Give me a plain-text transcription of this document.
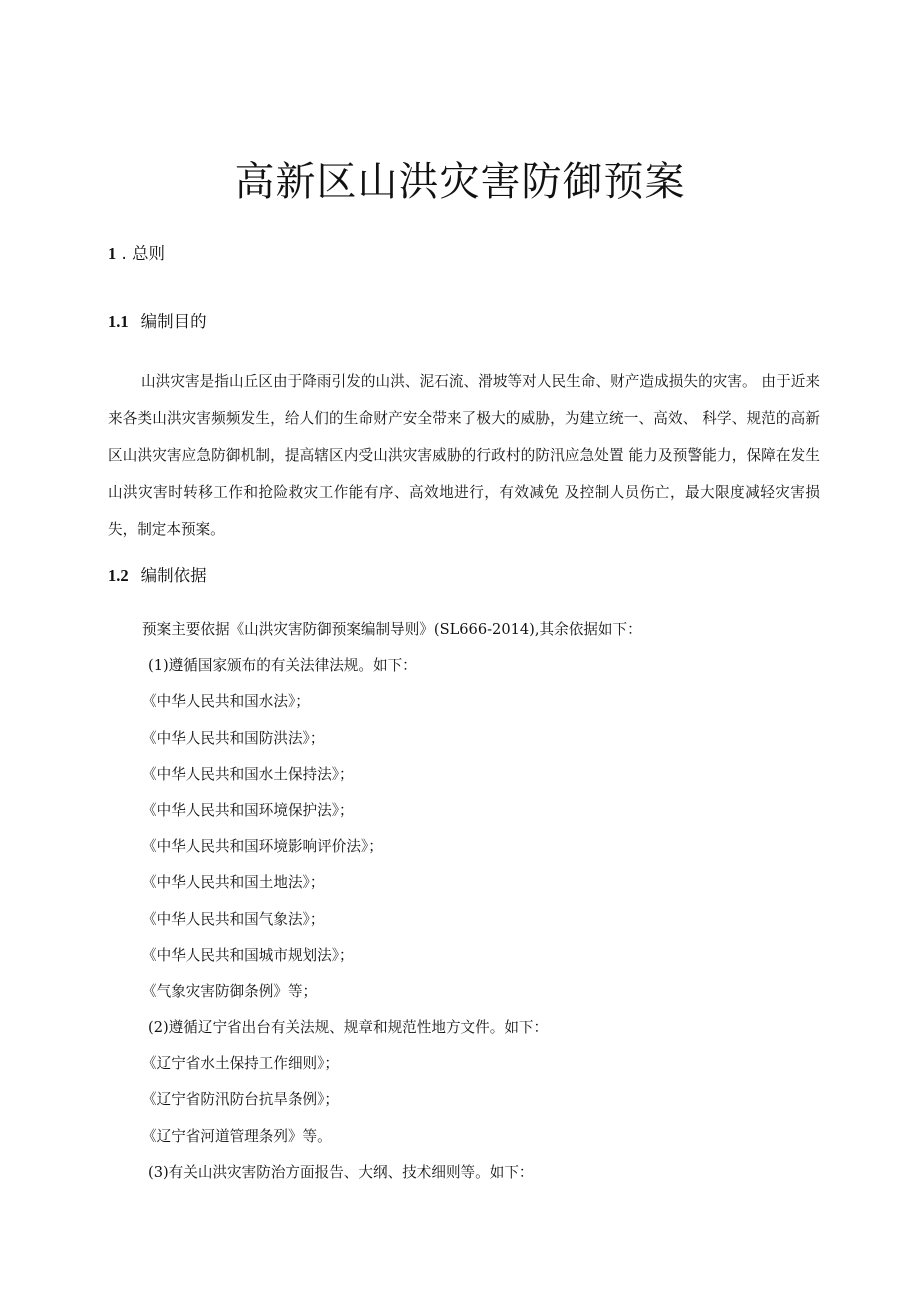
高新区山洪灾害防御预案
1 . 总则
1.1 编制目的

山洪灾害是指山丘区由于降雨引发的山洪、泥石流、滑坡等对人民生命、财产造成损失的灾害。 由于近来来各类山洪灾害频频发生，给人们的生命财产安全带来了极大的威胁，为建立统一、高效、 科学、规范的高新区山洪灾害应急防御机制，提高辖区内受山洪灾害威胁的行政村的防汛应急处置 能力及预警能力，保障在发生山洪灾害时转移工作和抢险救灾工作能有序、高效地进行，有效减免 及控制人员伤亡，最大限度减轻灾害损失，制定本预案。

1.2 编制依据
预案主要依据《山洪灾害防御预案编制导则》(SL666-2014),其余依据如下：
(1)遵循国家颁布的有关法律法规。如下：
《中华人民共和国水法》；
《中华人民共和国防洪法》；
《中华人民共和国水土保持法》；
《中华人民共和国环境保护法》；
《中华人民共和国环境影响评价法》；
《中华人民共和国土地法》；
《中华人民共和国气象法》；
《中华人民共和国城市规划法》；
《气象灾害防御条例》等；
(2)遵循辽宁省出台有关法规、规章和规范性地方文件。如下：
《辽宁省水土保持工作细则》；
《辽宁省防汛防台抗旱条例》；
《辽宁省河道管理条列》等。
(3)有关山洪灾害防治方面报告、大纲、技术细则等。如下：
